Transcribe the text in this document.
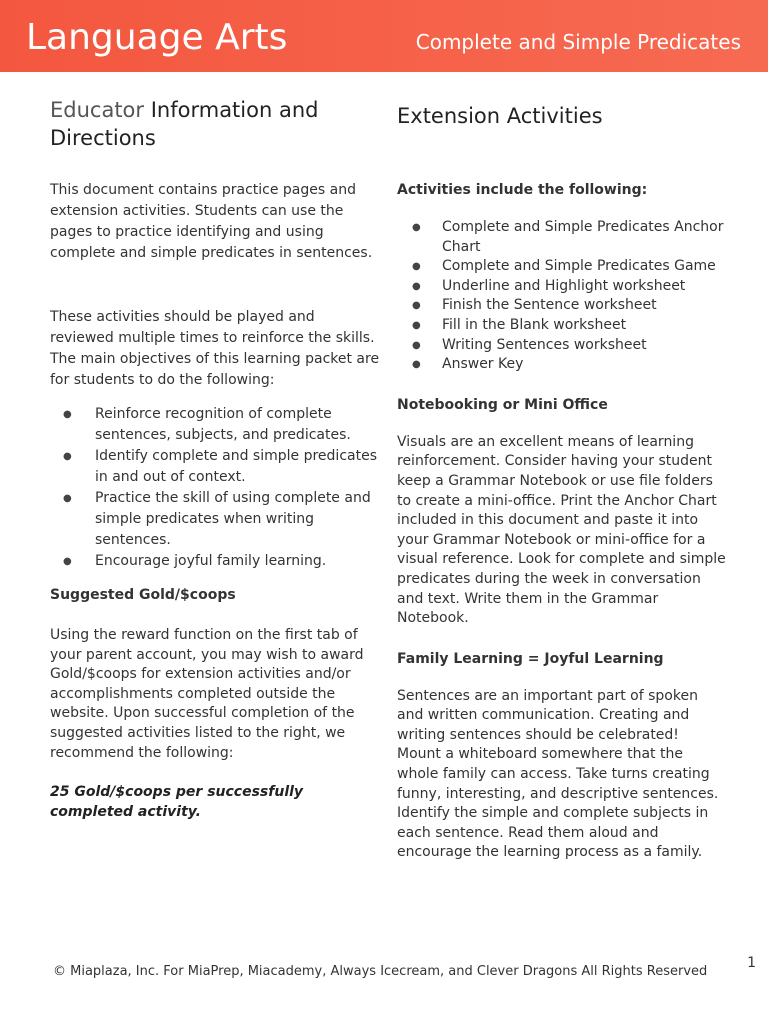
Language Arts	Complete and Simple Predicates
Educator Information and Directions

This document contains practice pages and extension activities. Students can use the pages to practice identifying and using complete and simple predicates in sentences.

These activities should be played and reviewed multiple times to reinforce the skills. The main objectives of this learning packet are for students to do the following:

● Reinforce recognition of complete sentences, subjects, and predicates.
● Identify complete and simple predicates in and out of context.
● Practice the skill of using complete and simple predicates when writing sentences.
● Encourage joyful family learning.
Suggested Gold/$coops

Using the reward function on the first tab of your parent account, you may wish to award Gold/$coops for extension activities and/or accomplishments completed outside the website. Upon successful completion of the suggested activities listed to the right, we recommend the following:

25 Gold/$coops per successfully completed activity.

Extension Activities
Activities include the following:
● Complete and Simple Predicates Anchor Chart
● Complete and Simple Predicates Game
● Underline and Highlight worksheet
● Finish the Sentence worksheet
● Fill in the Blank worksheet
● Writing Sentences worksheet
● Answer Key
Notebooking or Mini Office

Visuals are an excellent means of learning reinforcement. Consider having your student keep a Grammar Notebook or use file folders to create a mini-office. Print the Anchor Chart included in this document and paste it into your Grammar Notebook or mini-office for a visual reference. Look for complete and simple predicates during the week in conversation and text. Write them in the Grammar Notebook.

Family Learning = Joyful Learning

Sentences are an important part of spoken and written communication. Creating and writing sentences should be celebrated! Mount a whiteboard somewhere that the whole family can access. Take turns creating funny, interesting, and descriptive sentences. Identify the simple and complete subjects in each sentence. Read them aloud and encourage the learning process as a family.

© Miaplaza, Inc. For MiaPrep, Miacademy, Always Icecream, and Clever Dragons All Rights Reserved
1
